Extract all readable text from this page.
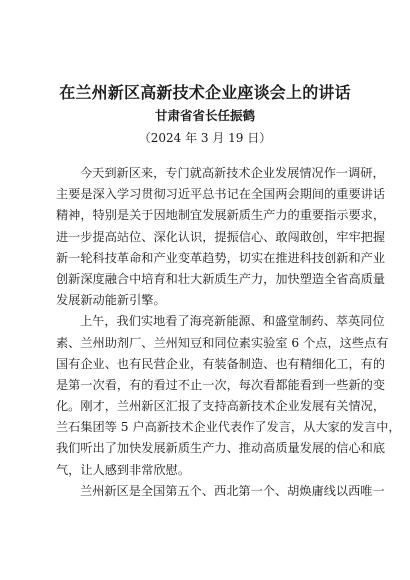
在兰州新区高新技术企业座谈会上的讲话
甘肃省省长任振鹤
（2024 年 3 月 19 日）
今天到新区来，专门就高新技术企业发展情况作一调研，
主要是深入学习贯彻习近平总书记在全国两会期间的重要讲话
精神，特别是关于因地制宜发展新质生产力的重要指示要求，
进一步提高站位、深化认识，提振信心、敢闯敢创，牢牢把握
新一轮科技革命和产业变革趋势，切实在推进科技创新和产业
创新深度融合中培育和壮大新质生产力，加快塑造全省高质量
发展新动能新引擎。
上午，我们实地看了海亮新能源、和盛堂制药、萃英同位
素、兰州助剂厂、兰州知豆和同位素实验室 6 个点，这些点有
国有企业、也有民营企业，有装备制造、也有精细化工，有的
是第一次看，有的看过不止一次，每次看都能看到一些新的变
化。刚才，兰州新区汇报了支持高新技术企业发展有关情况，
兰石集团等 5 户高新技术企业代表作了发言，从大家的发言中，
我们听出了加快发展新质生产力、推动高质量发展的信心和底
气，让人感到非常欣慰。
兰州新区是全国第五个、西北第一个、胡焕庸线以西唯一
